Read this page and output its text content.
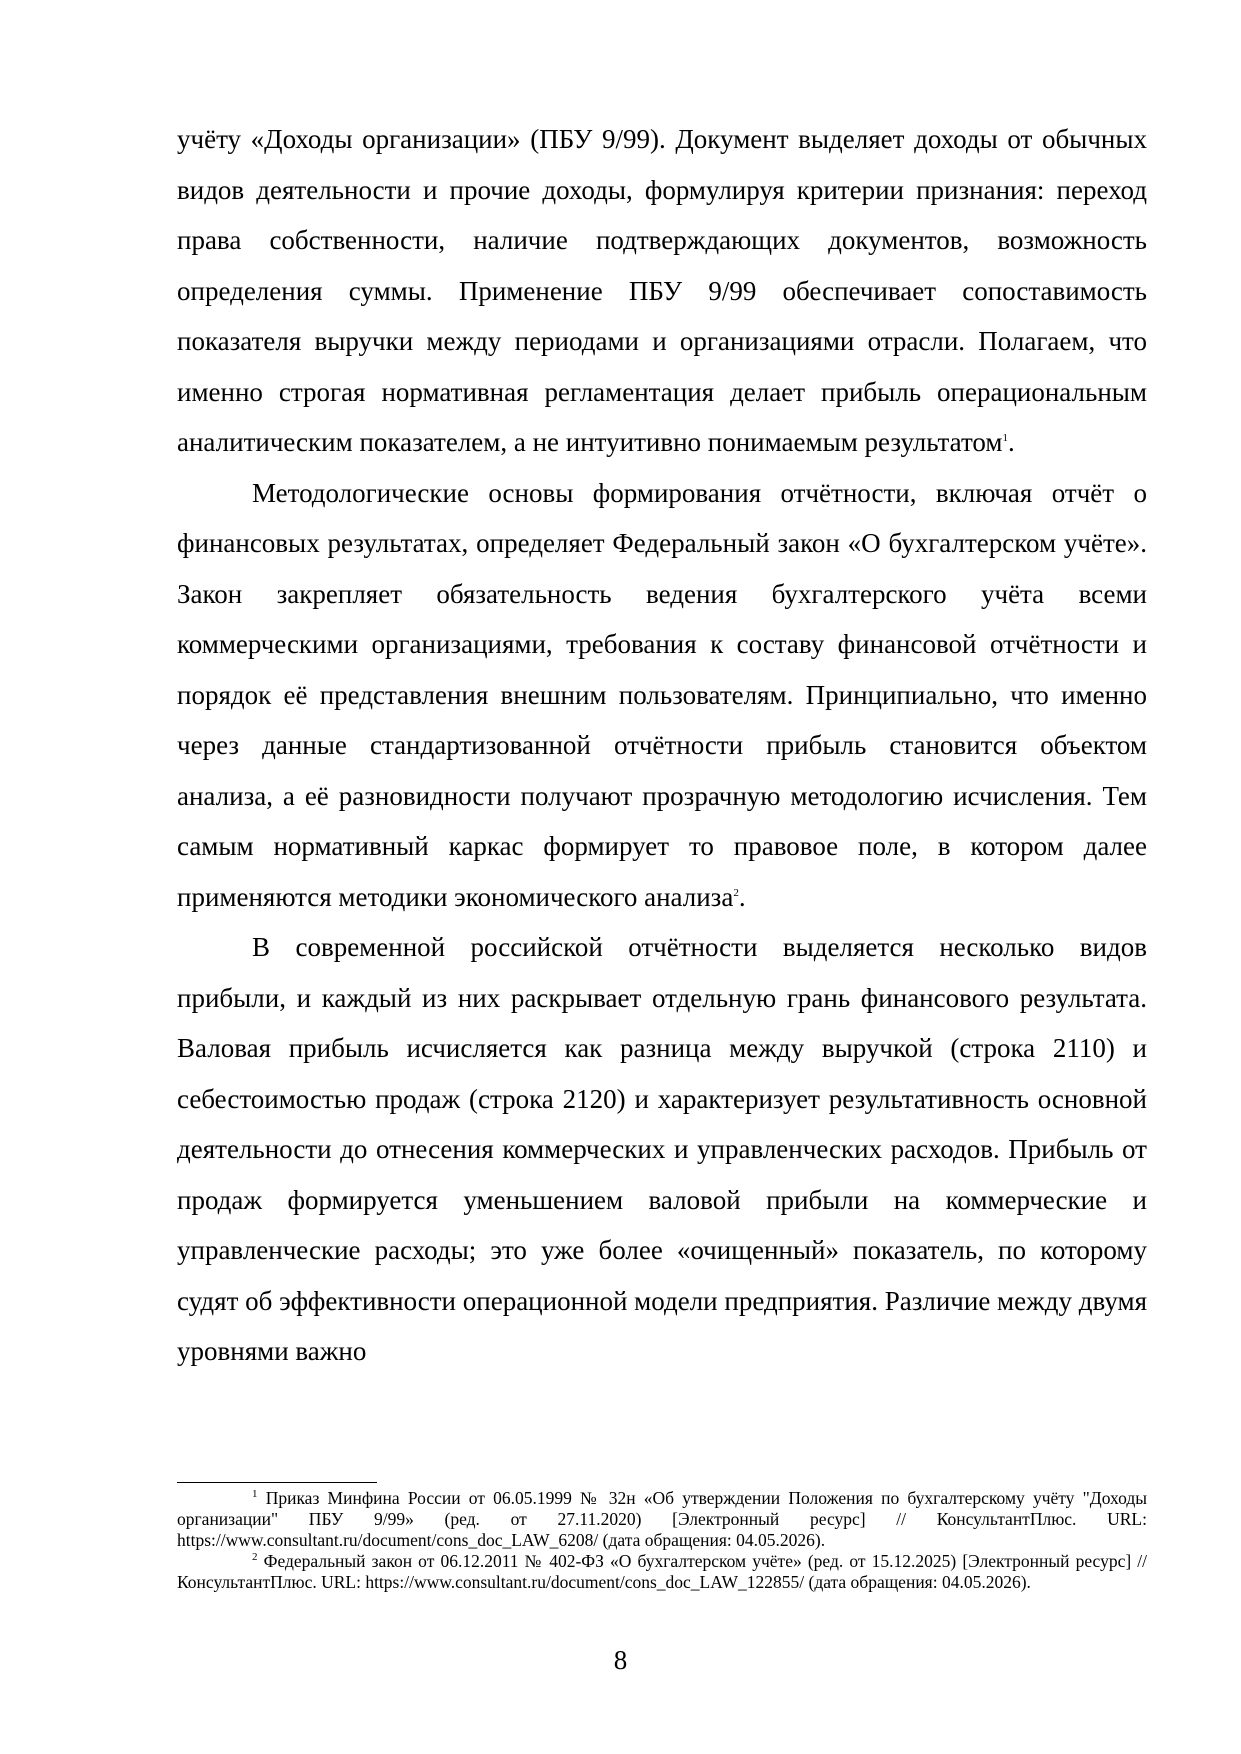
учёту «Доходы организации» (ПБУ 9/99). Документ выделяет доходы от обычных видов деятельности и прочие доходы, формулируя критерии признания: переход права собственности, наличие подтверждающих документов, возможность определения суммы. Применение ПБУ 9/99 обеспечивает сопоставимость показателя выручки между периодами и организациями отрасли. Полагаем, что именно строгая нормативная регламентация делает прибыль операциональным аналитическим показателем, а не интуитивно понимаемым результатом$^1$.

Методологические основы формирования отчётности, включая отчёт о финансовых результатах, определяет Федеральный закон «О бухгалтерском учёте». Закон закрепляет обязательность ведения бухгалтерского учёта всеми коммерческими организациями, требования к составу финансовой отчётности и порядок её представления внешним пользователям. Принципиально, что именно через данные стандартизованной отчётности прибыль становится объектом анализа, а её разновидности получают прозрачную методологию исчисления. Тем самым нормативный каркас формирует то правовое поле, в котором далее применяются методики экономического анализа$^2$.

В современной российской отчётности выделяется несколько видов прибыли, и каждый из них раскрывает отдельную грань финансового результата. Валовая прибыль исчисляется как разница между выручкой (строка 2110) и себестоимостью продаж (строка 2120) и характеризует результативность основной деятельности до отнесения коммерческих и управленческих расходов. Прибыль от продаж формируется уменьшением валовой прибыли на коммерческие и управленческие расходы; это уже более «очищенный» показатель, по которому судят об эффективности операционной модели предприятия. Различие между двумя уровнями важно

$^1$ Приказ Минфина России от 06.05.1999 № 32н «Об утверждении Положения по бухгалтерскому учёту "Доходы организации" ПБУ 9/99» (ред. от 27.11.2020) [Электронный ресурс] // КонсультантПлюс. URL: https://www.consultant.ru/document/cons_doc_LAW_6208/ (дата обращения: 04.05.2026).

$^2$ Федеральный закон от 06.12.2011 № 402-ФЗ «О бухгалтерском учёте» (ред. от 15.12.2025) [Электронный ресурс] // КонсультантПлюс. URL: https://www.consultant.ru/document/cons_doc_LAW_122855/ (дата обращения: 04.05.2026).

8
